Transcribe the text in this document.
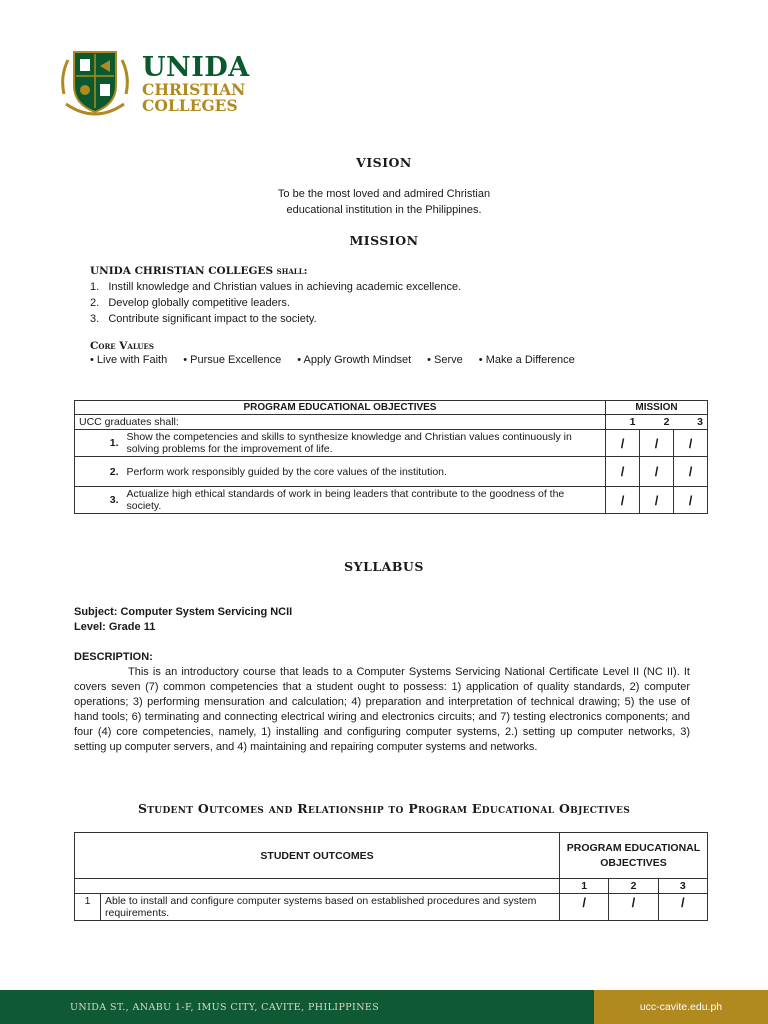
UNIDA
CHRISTIAN
COLLEGES
VISION
To be the most loved and admired Christian
educational institution in the Philippines.
MISSION
UNIDA CHRISTIAN COLLEGES shall:
1.   Instill knowledge and Christian values in achieving academic excellence.
2.   Develop globally competitive leaders.
3.   Contribute significant impact to the society.
Core Values
• Live with Faith • Pursue Excellence • Apply Growth Mindset • Serve • Make a Difference
PROGRAM EDUCATIONAL OBJECTIVES		MISSION		
UCC graduates shall:		1	2	3
1.	Show the competencies and skills to synthesize knowledge and Christian values continuously in solving problems for the improvement of life.	/	/	/
2.	Perform work responsibly guided by the core values of the institution.	/	/	/
3.	Actualize high ethical standards of work in being leaders that contribute to the goodness of the society.	/	/	/
SYLLABUS
Subject: Computer System Servicing NCII
Level: Grade 11
DESCRIPTION:
This is an introductory course that leads to a Computer Systems Servicing National Certificate Level II (NC II). It covers seven (7) common competencies that a student ought to possess: 1) application of quality standards, 2) computer operations; 3) performing mensuration and calculation; 4) preparation and interpretation of technical drawing; 5) the use of hand tools; 6) terminating and connecting electrical wiring and electronics circuits; and 7) testing electronics components; and four (4) core competencies, namely, 1) installing and configuring computer systems, 2.) setting up computer networks, 3) setting up computer servers, and 4) maintaining and repairing computer systems and networks.
Student Outcomes and Relationship to Program Educational Objectives
STUDENT OUTCOMES		PROGRAM EDUCATIONAL OBJECTIVES		
		1	2	3
1	Able to install and configure computer systems based on established procedures and system requirements.	/	/	/
UNIDA ST., ANABU 1-F, IMUS CITY, CAVITE, PHILIPPINES	ucc-cavite.edu.ph
